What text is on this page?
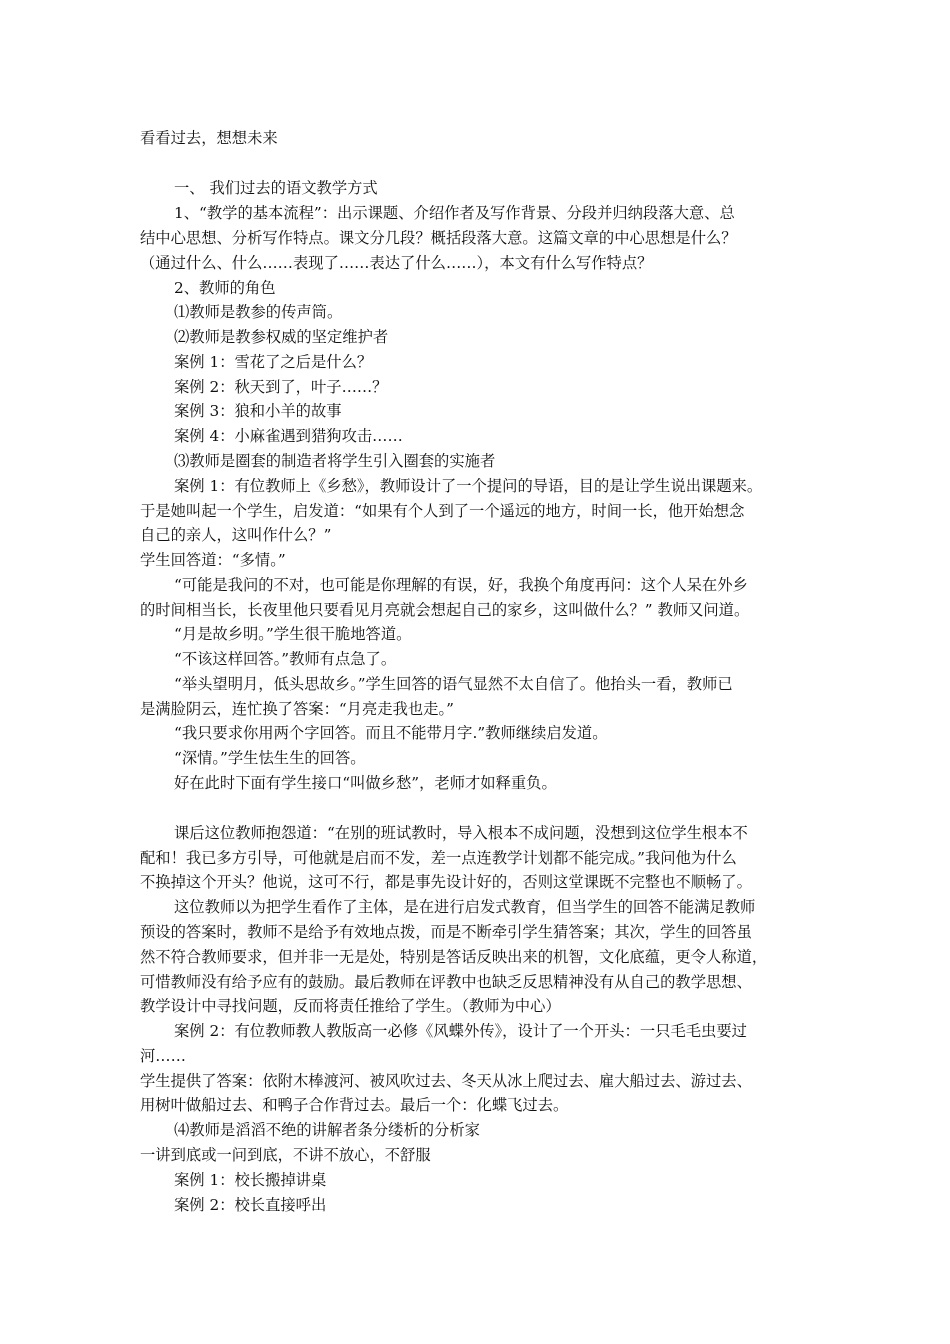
看看过去，想想未来
一、 我们过去的语文教学方式
1、“教学的基本流程”：出示课题、介绍作者及写作背景、分段并归纳段落大意、总
结中心思想、分析写作特点。课文分几段？概括段落大意。这篇文章的中心思想是什么？
（通过什么、什么……表现了……表达了什么……），本文有什么写作特点？
2、教师的角色
⑴教师是教参的传声筒。
⑵教师是教参权威的坚定维护者
案例 1：雪花了之后是什么？
案例 2：秋天到了，叶子……？
案例 3：狼和小羊的故事
案例 4：小麻雀遇到猎狗攻击……
⑶教师是圈套的制造者将学生引入圈套的实施者
案例 1：有位教师上《乡愁》，教师设计了一个提问的导语，目的是让学生说出课题来。
于是她叫起一个学生，启发道：“如果有个人到了一个遥远的地方，时间一长，他开始想念
自己的亲人，这叫作什么？”
学生回答道：“多情。”
“可能是我问的不对，也可能是你理解的有误，好，我换个角度再问：这个人呆在外乡
的时间相当长，长夜里他只要看见月亮就会想起自己的家乡，这叫做什么？” 教师又问道。
“月是故乡明。”学生很干脆地答道。
“不该这样回答。”教师有点急了。
“举头望明月，低头思故乡。”学生回答的语气显然不太自信了。他抬头一看，教师已
是满脸阴云，连忙换了答案：“月亮走我也走。”
“我只要求你用两个字回答。而且不能带月字.”教师继续启发道。
“深情。”学生怯生生的回答。
好在此时下面有学生接口“叫做乡愁”，老师才如释重负。
课后这位教师抱怨道：“在别的班试教时，导入根本不成问题，没想到这位学生根本不
配和！我已多方引导，可他就是启而不发，差一点连教学计划都不能完成。”我问他为什么
不换掉这个开头？他说，这可不行，都是事先设计好的，否则这堂课既不完整也不顺畅了。
这位教师以为把学生看作了主体，是在进行启发式教育，但当学生的回答不能满足教师
预设的答案时，教师不是给予有效地点拨，而是不断牵引学生猜答案；其次，学生的回答虽
然不符合教师要求，但并非一无是处，特别是答话反映出来的机智，文化底蕴，更令人称道，
可惜教师没有给予应有的鼓励。最后教师在评教中也缺乏反思精神没有从自己的教学思想、
教学设计中寻找问题，反而将责任推给了学生。（教师为中心）
案例 2：有位教师教人教版高一必修《风蝶外传》，设计了一个开头：一只毛毛虫要过
河……
学生提供了答案：依附木棒渡河、被风吹过去、冬天从冰上爬过去、雇大船过去、游过去、
用树叶做船过去、和鸭子合作背过去。最后一个：化蝶飞过去。
⑷教师是滔滔不绝的讲解者条分缕析的分析家
一讲到底或一问到底，不讲不放心，不舒服
案例 1：校长搬掉讲桌
案例 2：校长直接呼出
